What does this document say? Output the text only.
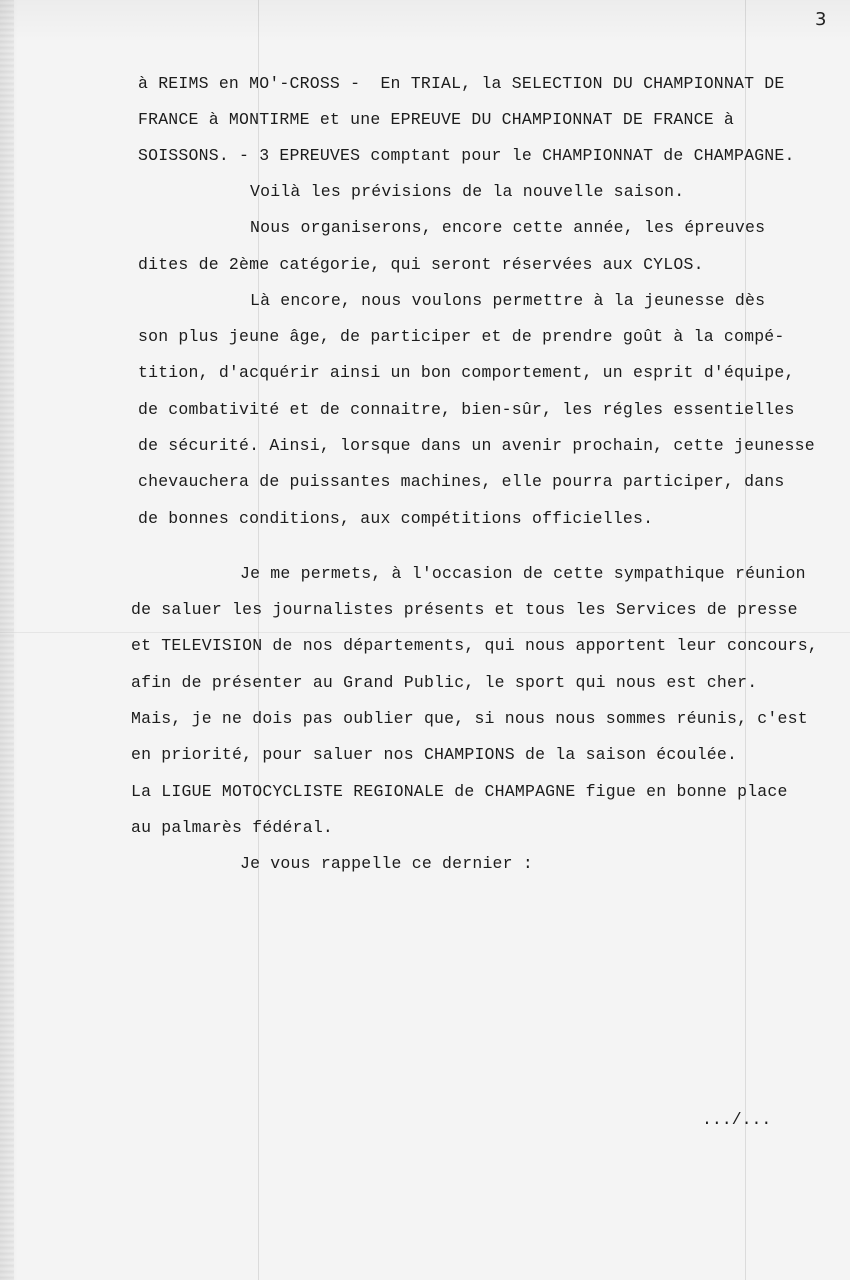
3
à REIMS en MO'-CROSS -  En TRIAL, la SELECTION DU CHAMPIONNAT DE
FRANCE à MONTIRME et une EPREUVE DU CHAMPIONNAT DE FRANCE à
SOISSONS. - 3 EPREUVES comptant pour le CHAMPIONNAT de CHAMPAGNE.
Voilà les prévisions de la nouvelle saison.
Nous organiserons, encore cette année, les épreuves
dites de 2ème catégorie, qui seront réservées aux CYLOS.
Là encore, nous voulons permettre à la jeunesse dès
son plus jeune âge, de participer et de prendre goût à la compé-
tition, d'acquérir ainsi un bon comportement, un esprit d'équipe,
de combativité et de connaitre, bien-sûr, les régles essentielles
de sécurité. Ainsi, lorsque dans un avenir prochain, cette jeunesse
chevauchera de puissantes machines, elle pourra participer, dans
de bonnes conditions, aux compétitions officielles.
Je me permets, à l'occasion de cette sympathique réunion
de saluer les journalistes présents et tous les Services de presse
et TELEVISION de nos départements, qui nous apportent leur concours,
afin de présenter au Grand Public, le sport qui nous est cher.
Mais, je ne dois pas oublier que, si nous nous sommes réunis, c'est
en priorité, pour saluer nos CHAMPIONS de la saison écoulée.
La LIGUE MOTOCYCLISTE REGIONALE de CHAMPAGNE figue en bonne place
au palmarès fédéral.
Je vous rappelle ce dernier :
.../...
